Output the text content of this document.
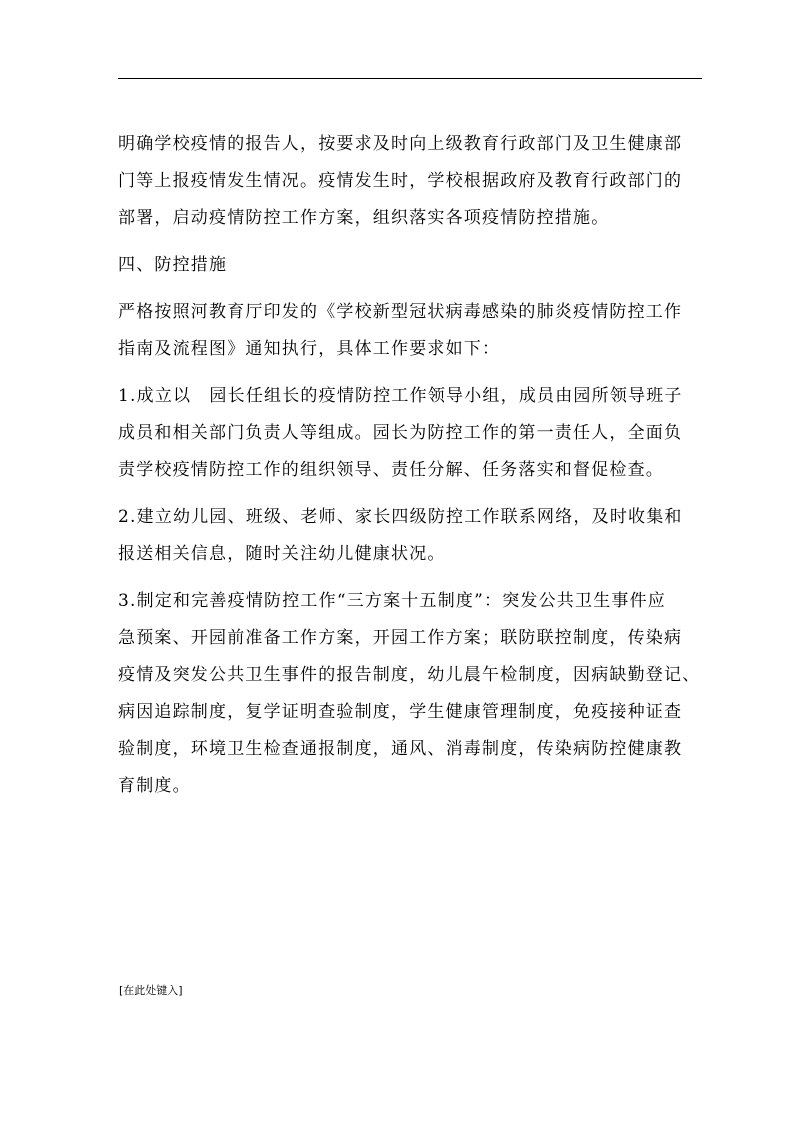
明确学校疫情的报告人，按要求及时向上级教育行政部门及卫生健康部
门等上报疫情发生情况。疫情发生时，学校根据政府及教育行政部门的
部署，启动疫情防控工作方案，组织落实各项疫情防控措施。

四、防控措施

严格按照河教育厅印发的《学校新型冠状病毒感染的肺炎疫情防控工作
指南及流程图》通知执行，具体工作要求如下：

1.成立以　园长任组长的疫情防控工作领导小组，成员由园所领导班子
成员和相关部门负责人等组成。园长为防控工作的第一责任人，全面负
责学校疫情防控工作的组织领导、责任分解、任务落实和督促检查。

2.建立幼儿园、班级、老师、家长四级防控工作联系网络，及时收集和
报送相关信息，随时关注幼儿健康状况。

3.制定和完善疫情防控工作“三方案十五制度”：突发公共卫生事件应
急预案、开园前准备工作方案，开园工作方案；联防联控制度，传染病
疫情及突发公共卫生事件的报告制度，幼儿晨午检制度，因病缺勤登记、
病因追踪制度，复学证明查验制度，学生健康管理制度，免疫接种证查
验制度，环境卫生检查通报制度，通风、消毒制度，传染病防控健康教
育制度。

[在此处键入]
